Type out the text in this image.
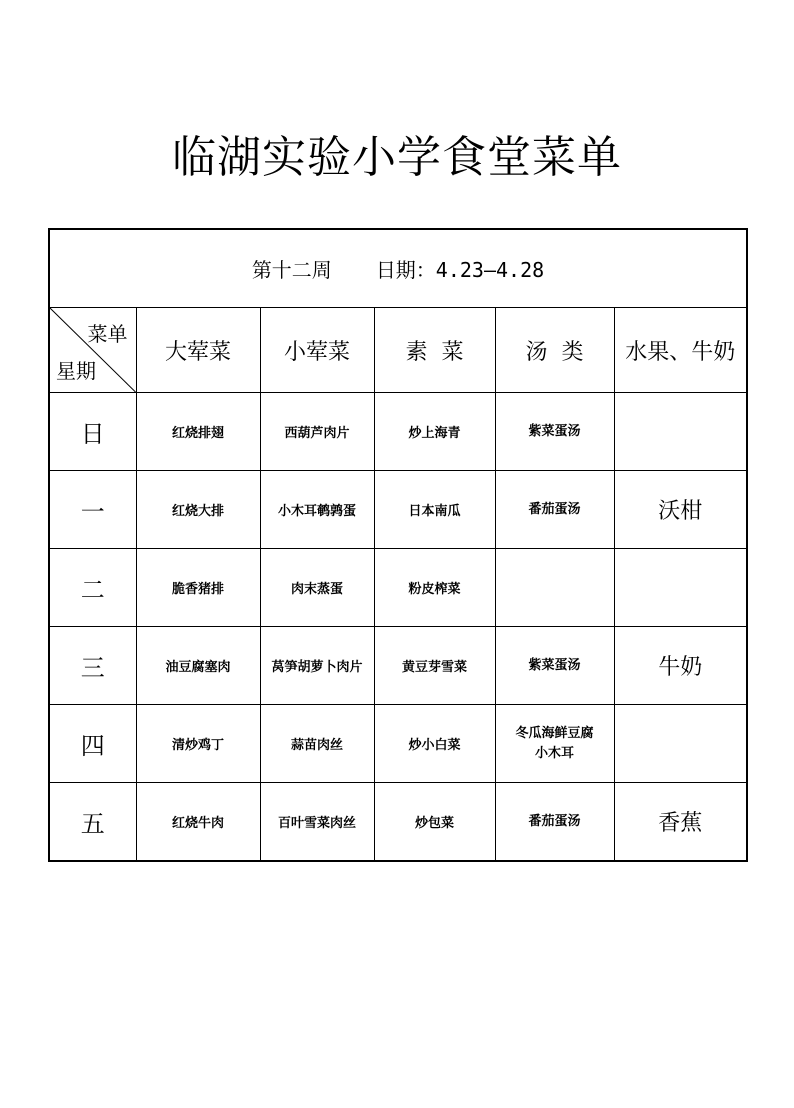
临湖实验小学食堂菜单
第十二周 日期：4.23—4.28					

菜单
星期	大荤菜	小荤菜	素  菜	汤  类	水果、牛奶
日	红烧排翅	西葫芦肉片	炒上海青	紫菜蛋汤	

一	红烧大排	小木耳鹌鹑蛋	日本南瓜	番茄蛋汤	沃柑
二	脆香猪排	肉末蒸蛋	粉皮榨菜	

三	油豆腐塞肉	莴笋胡萝卜肉片	黄豆芽雪菜	紫菜蛋汤	牛奶
四	清炒鸡丁	蒜苗肉丝	炒小白菜	冬瓜海鲜豆腐
小木耳	

五	红烧牛肉	百叶雪菜肉丝	炒包菜	番茄蛋汤	香蕉
